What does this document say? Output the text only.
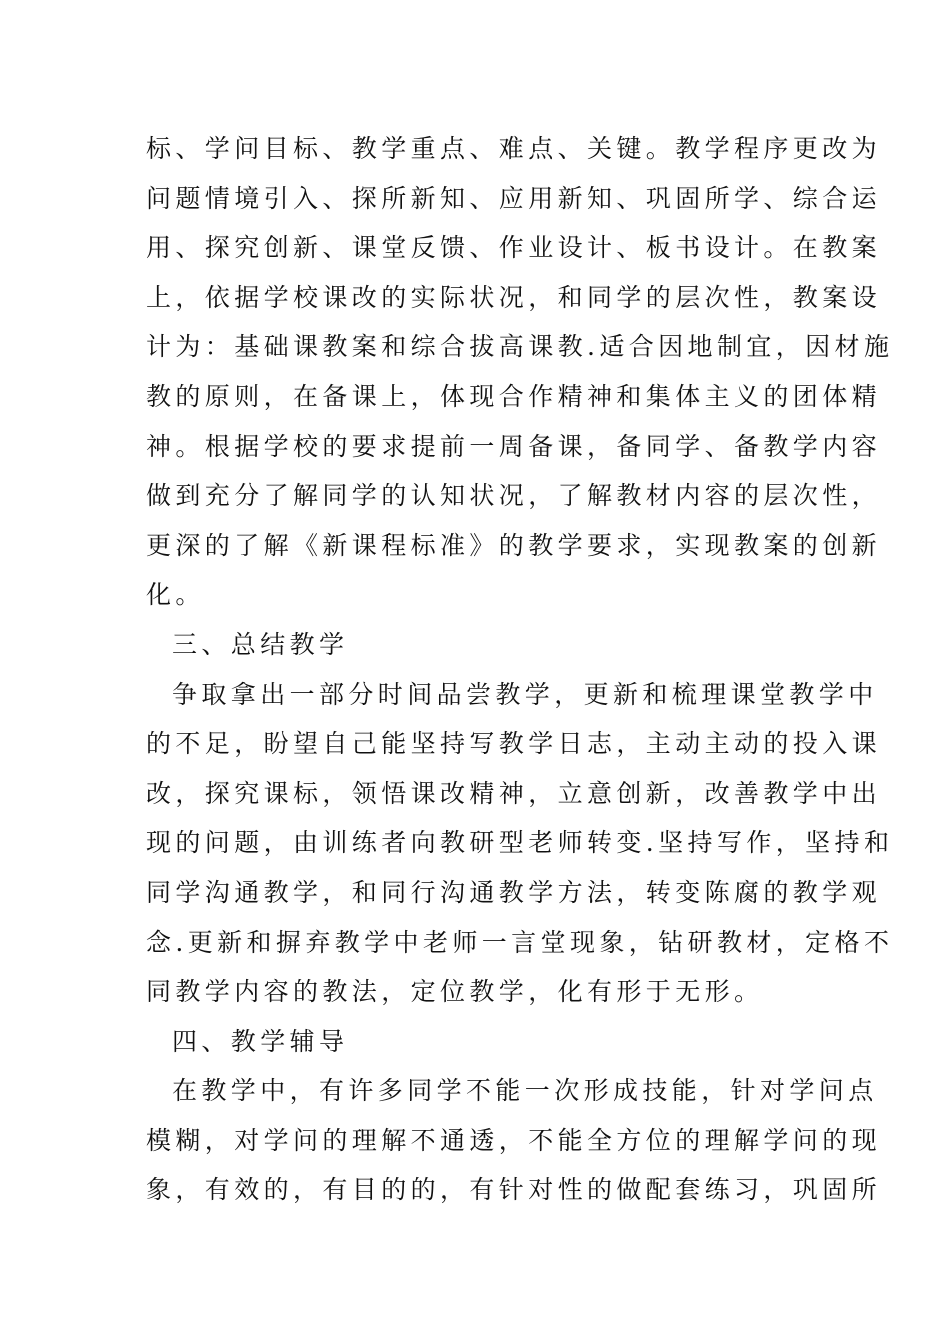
标、学问目标、教学重点、难点、关键。教学程序更改为
问题情境引入、探所新知、应用新知、巩固所学、综合运
用、探究创新、课堂反馈、作业设计、板书设计。在教案
上，依据学校课改的实际状况，和同学的层次性，教案设
计为：基础课教案和综合拔高课教.适合因地制宜，因材施
教的原则，在备课上，体现合作精神和集体主义的团体精
神。根据学校的要求提前一周备课，备同学、备教学内容
做到充分了解同学的认知状况，了解教材内容的层次性，
更深的了解《新课程标准》的教学要求，实现教案的创新
化。
三、总结教学
争取拿出一部分时间品尝教学，更新和梳理课堂教学中
的不足，盼望自己能坚持写教学日志，主动主动的投入课
改，探究课标，领悟课改精神，立意创新，改善教学中出
现的问题，由训练者向教研型老师转变.坚持写作，坚持和
同学沟通教学，和同行沟通教学方法，转变陈腐的教学观
念.更新和摒弃教学中老师一言堂现象，钻研教材，定格不
同教学内容的教法，定位教学，化有形于无形。
四、教学辅导
在教学中，有许多同学不能一次形成技能，针对学问点
模糊，对学问的理解不通透，不能全方位的理解学问的现
象，有效的，有目的的，有针对性的做配套练习，巩固所
